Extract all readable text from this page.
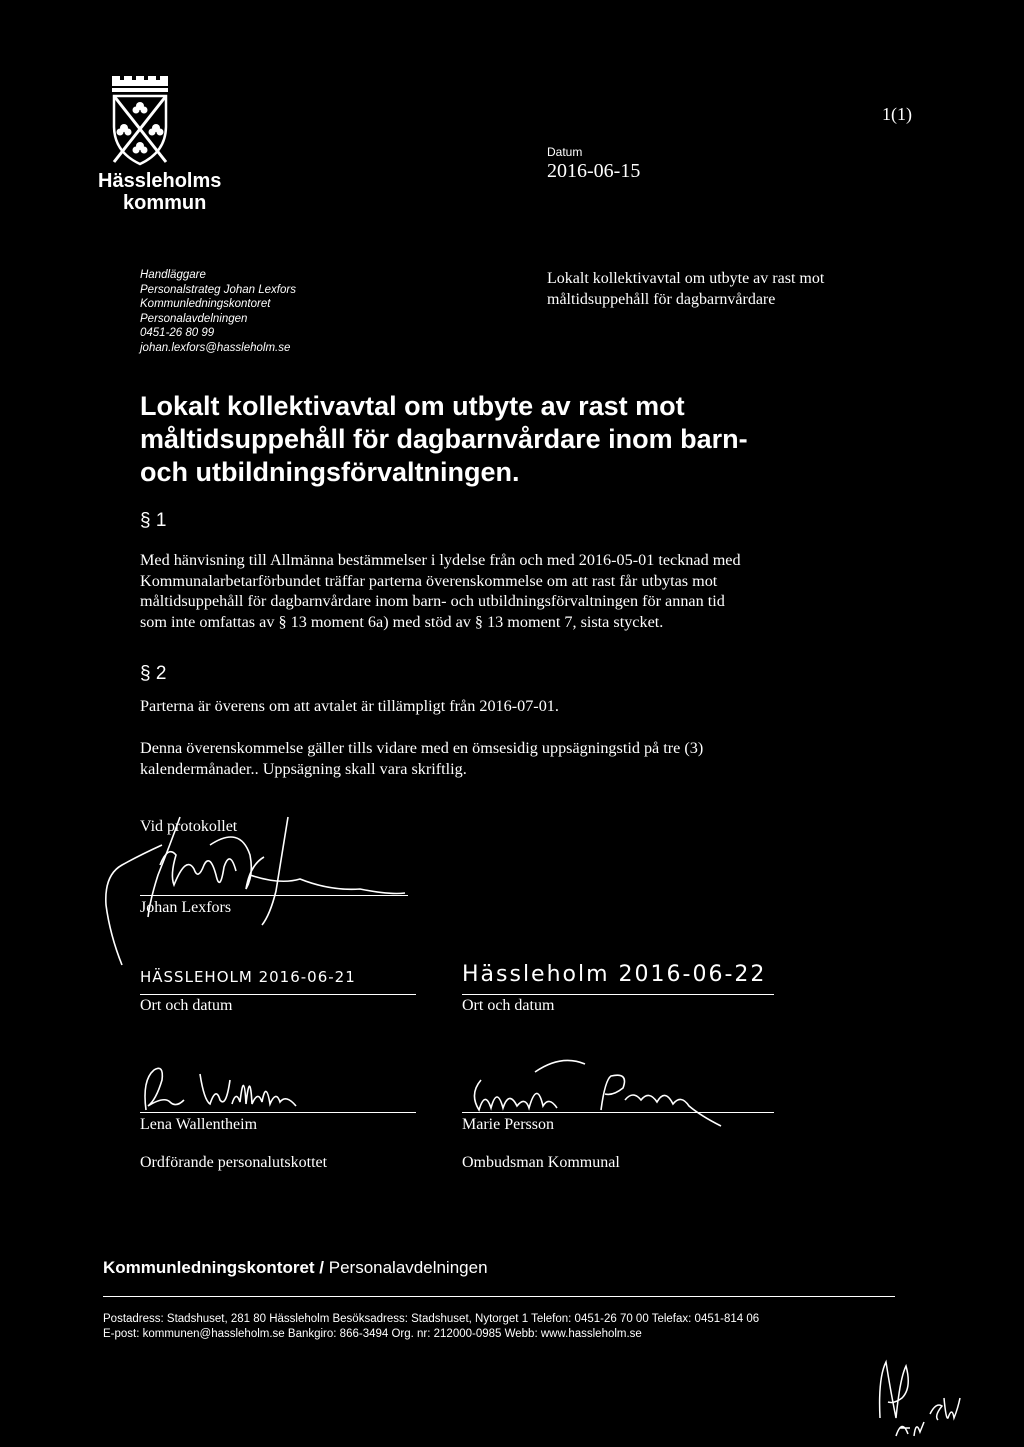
Hässleholms
kommun
1(1)
Datum
2016-06-15
Handläggare
Personalstrateg Johan Lexfors
Kommunledningskontoret
Personalavdelningen
0451-26 80 99
johan.lexfors@hassleholm.se
Lokalt kollektivavtal om utbyte av rast mot
måltidsuppehåll för dagbarnvårdare
Lokalt kollektivavtal om utbyte av rast mot
måltidsuppehåll för dagbarnvårdare inom barn-
och utbildningsförvaltningen.
§ 1
Med hänvisning till Allmänna bestämmelser i lydelse från och med 2016-05-01 tecknad med
Kommunalarbetarförbundet träffar parterna överenskommelse om att rast får utbytas mot
måltidsuppehåll för dagbarnvårdare inom barn- och utbildningsförvaltningen för annan tid
som inte omfattas av § 13 moment 6a) med stöd av § 13 moment 7, sista stycket.
§ 2
Parterna är överens om att avtalet är tillämpligt från 2016-07-01.
Denna överenskommelse gäller tills vidare med en ömsesidig uppsägningstid på tre (3)
kalendermånader.. Uppsägning skall vara skriftlig.
Vid protokollet
Johan Lexfors
HÄSSLEHOLM 2016-06-21	Hässleholm 2016-06-22
Ort och datum	Ort och datum
Lena Wallentheim	Marie Persson
Ordförande personalutskottet	Ombudsman Kommunal
Kommunledningskontoret / Personalavdelningen
Postadress: Stadshuset, 281 80 Hässleholm Besöksadress: Stadshuset, Nytorget 1 Telefon: 0451-26 70 00 Telefax: 0451-814 06
E-post: kommunen@hassleholm.se Bankgiro: 866-3494 Org. nr: 212000-0985 Webb: www.hassleholm.se
